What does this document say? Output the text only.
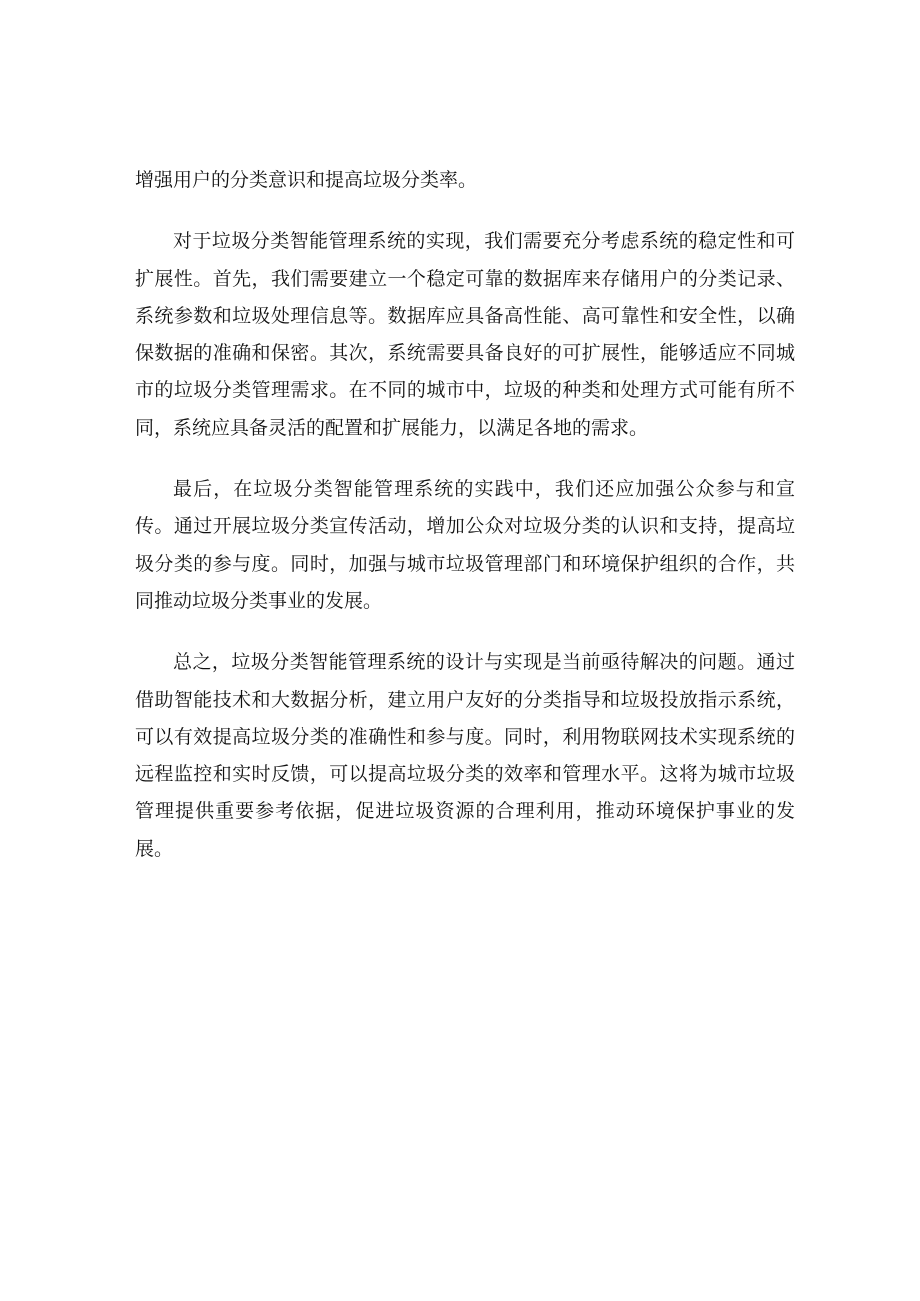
增强用户的分类意识和提高垃圾分类率。

对于垃圾分类智能管理系统的实现，我们需要充分考虑系统的稳定性和可扩展性。首先，我们需要建立一个稳定可靠的数据库来存储用户的分类记录、系统参数和垃圾处理信息等。数据库应具备高性能、高可靠性和安全性，以确保数据的准确和保密。其次，系统需要具备良好的可扩展性，能够适应不同城市的垃圾分类管理需求。在不同的城市中，垃圾的种类和处理方式可能有所不同，系统应具备灵活的配置和扩展能力，以满足各地的需求。

最后，在垃圾分类智能管理系统的实践中，我们还应加强公众参与和宣传。通过开展垃圾分类宣传活动，增加公众对垃圾分类的认识和支持，提高垃圾分类的参与度。同时，加强与城市垃圾管理部门和环境保护组织的合作，共同推动垃圾分类事业的发展。

总之，垃圾分类智能管理系统的设计与实现是当前亟待解决的问题。通过借助智能技术和大数据分析，建立用户友好的分类指导和垃圾投放指示系统，可以有效提高垃圾分类的准确性和参与度。同时，利用物联网技术实现系统的远程监控和实时反馈，可以提高垃圾分类的效率和管理水平。这将为城市垃圾管理提供重要参考依据，促进垃圾资源的合理利用，推动环境保护事业的发展。
